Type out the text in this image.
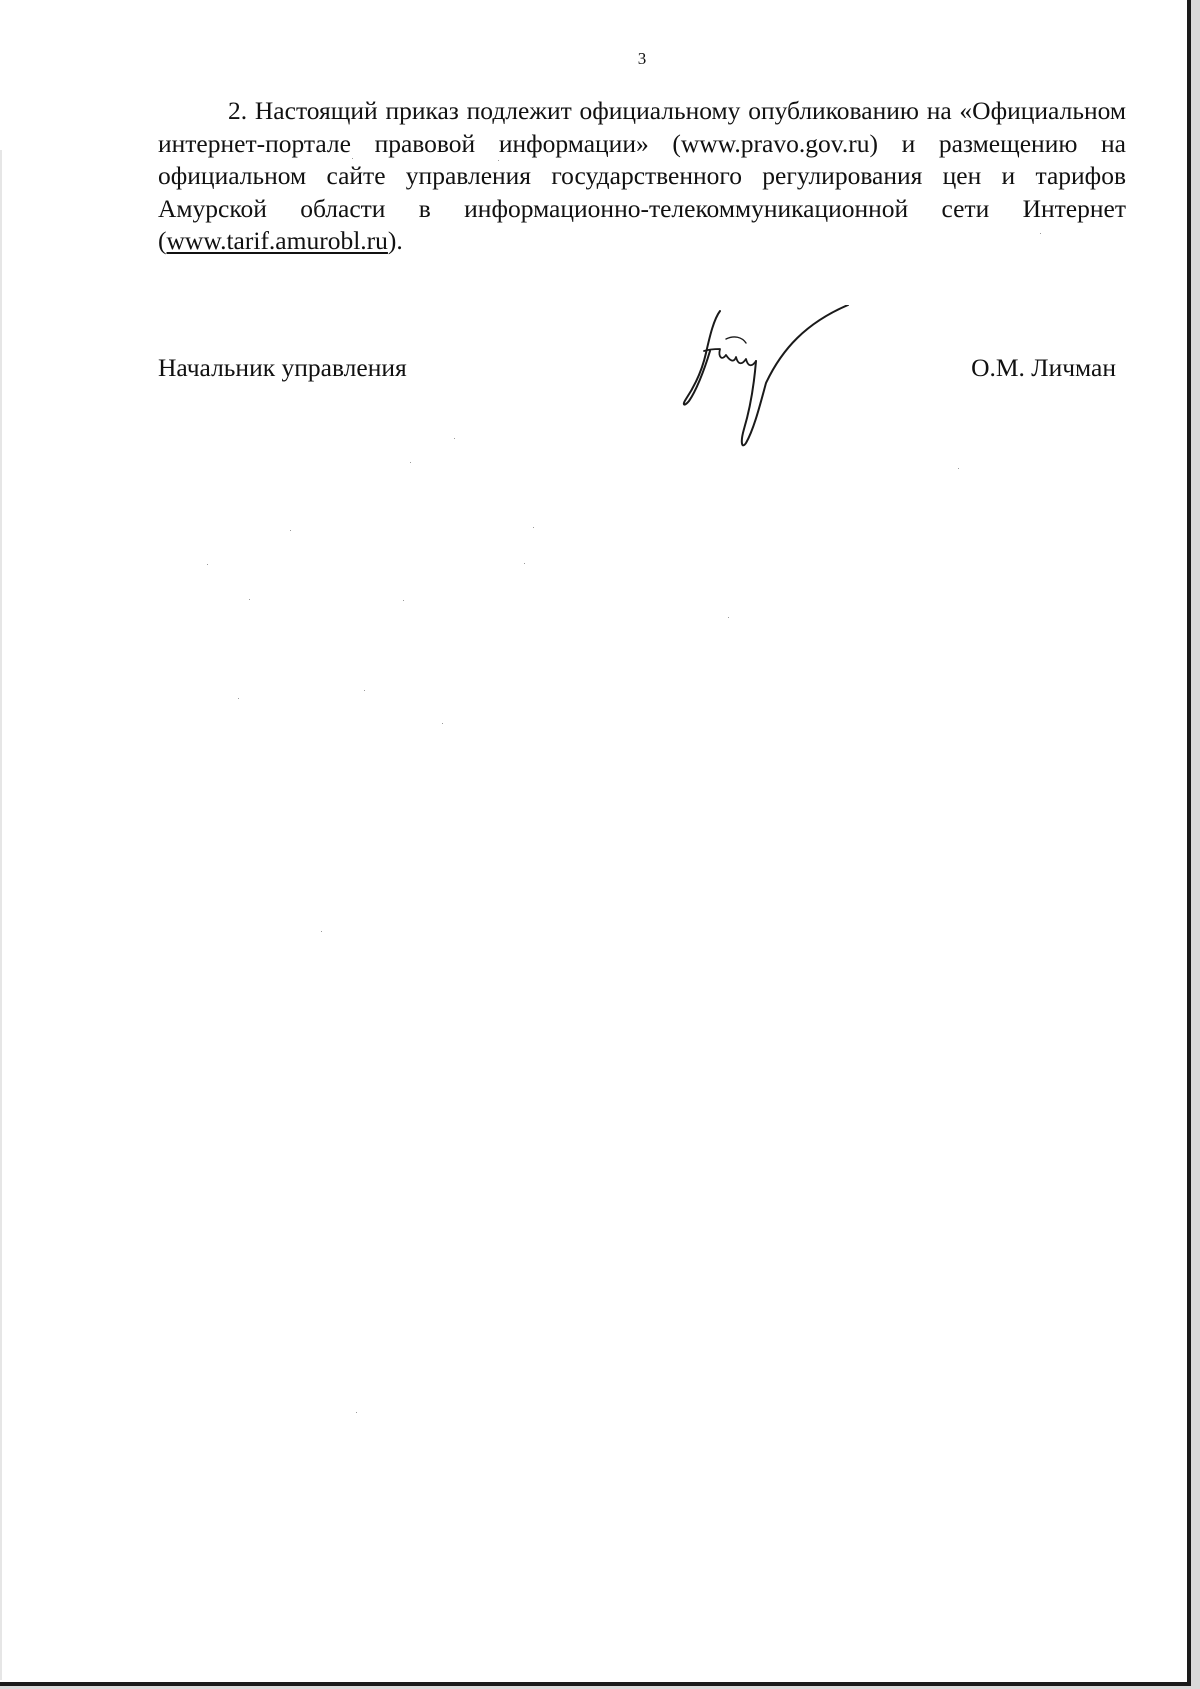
3

2. Настоящий приказ подлежит официальному опубликованию на «Официальном интернет-портале правовой информации» (www.pravo.gov.ru) и размещению на официальном сайте управления государственного регулирования цен и тарифов Амурской области в информационно-телекоммуникационной сети Интернет (www.tarif.amurobl.ru).

Начальник управления	О.М. Личман
